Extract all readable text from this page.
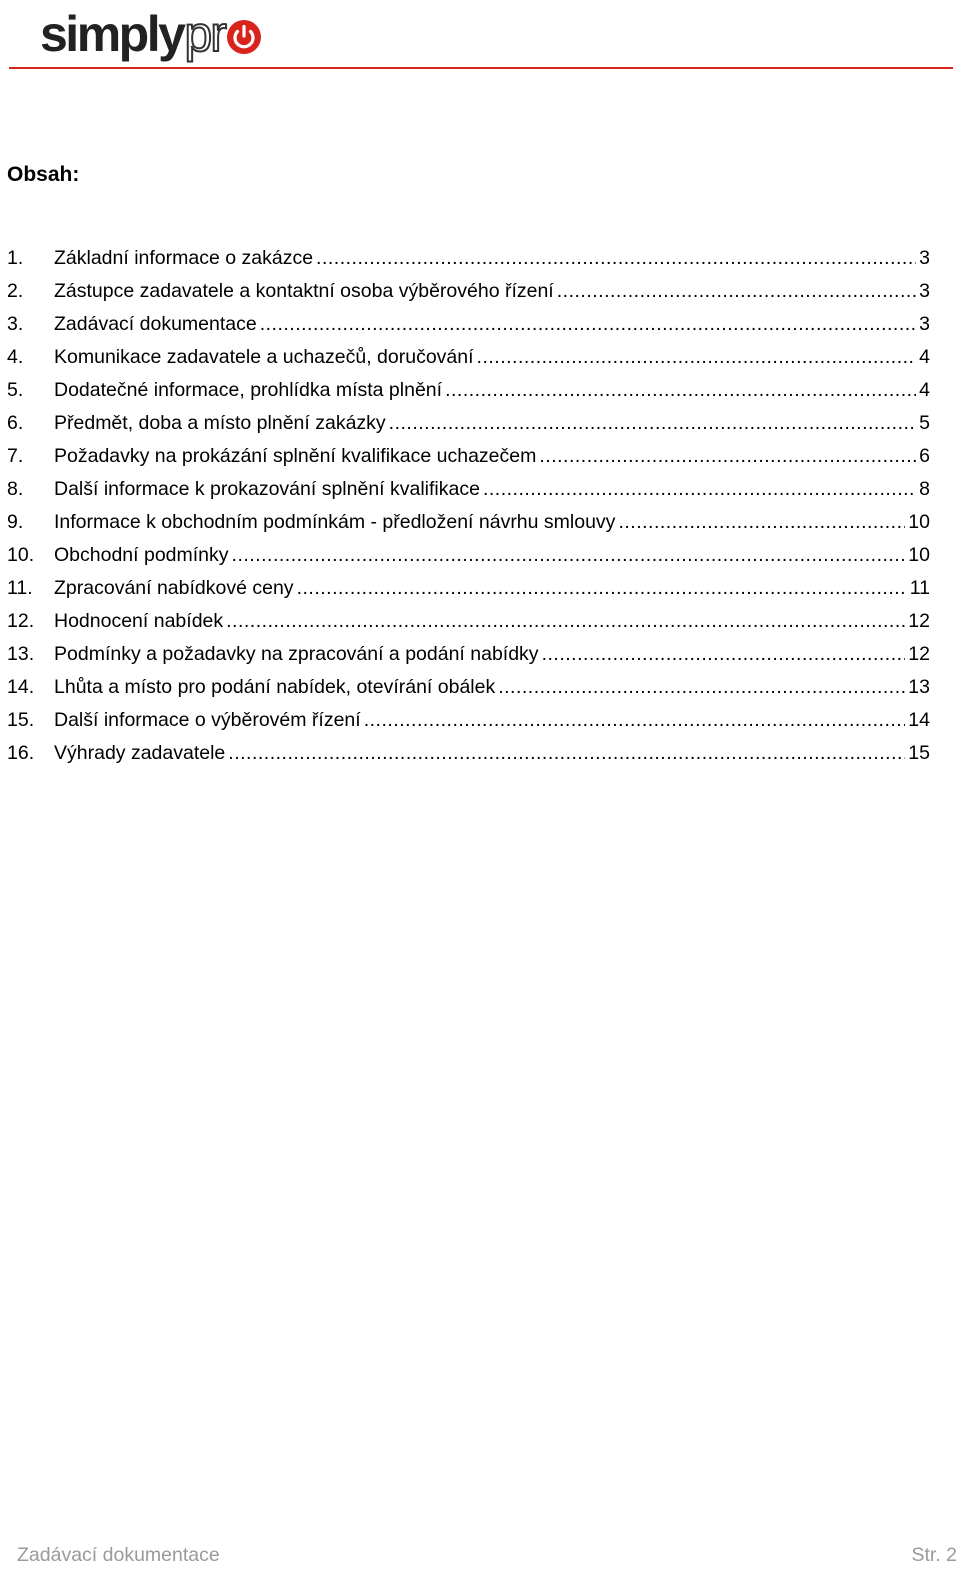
simply pr
Obsah:
1.	Základní informace o zakázce .....	3
2.	Zástupce zadavatele a kontaktní osoba výběrového řízení .....	3
3.	Zadávací dokumentace .....	3
4.	Komunikace zadavatele a uchazečů, doručování .....	4
5.	Dodatečné informace, prohlídka místa plnění .....	4
6.	Předmět, doba a místo plnění zakázky .....	5
7.	Požadavky na prokázání splnění kvalifikace uchazečem .....	6
8.	Další informace k prokazování splnění kvalifikace .....	8
9.	Informace k obchodním podmínkám - předložení návrhu smlouvy .....	10
10.	Obchodní podmínky .....	10
11.	Zpracování nabídkové ceny .....	11
12.	Hodnocení nabídek .....	12
13.	Podmínky a požadavky na zpracování a podání nabídky .....	12
14.	Lhůta a místo pro podání nabídek, otevírání obálek .....	13
15.	Další informace o výběrovém řízení .....	14
16.	Výhrady zadavatele .....	15
Zadávací dokumentace	Str. 2
